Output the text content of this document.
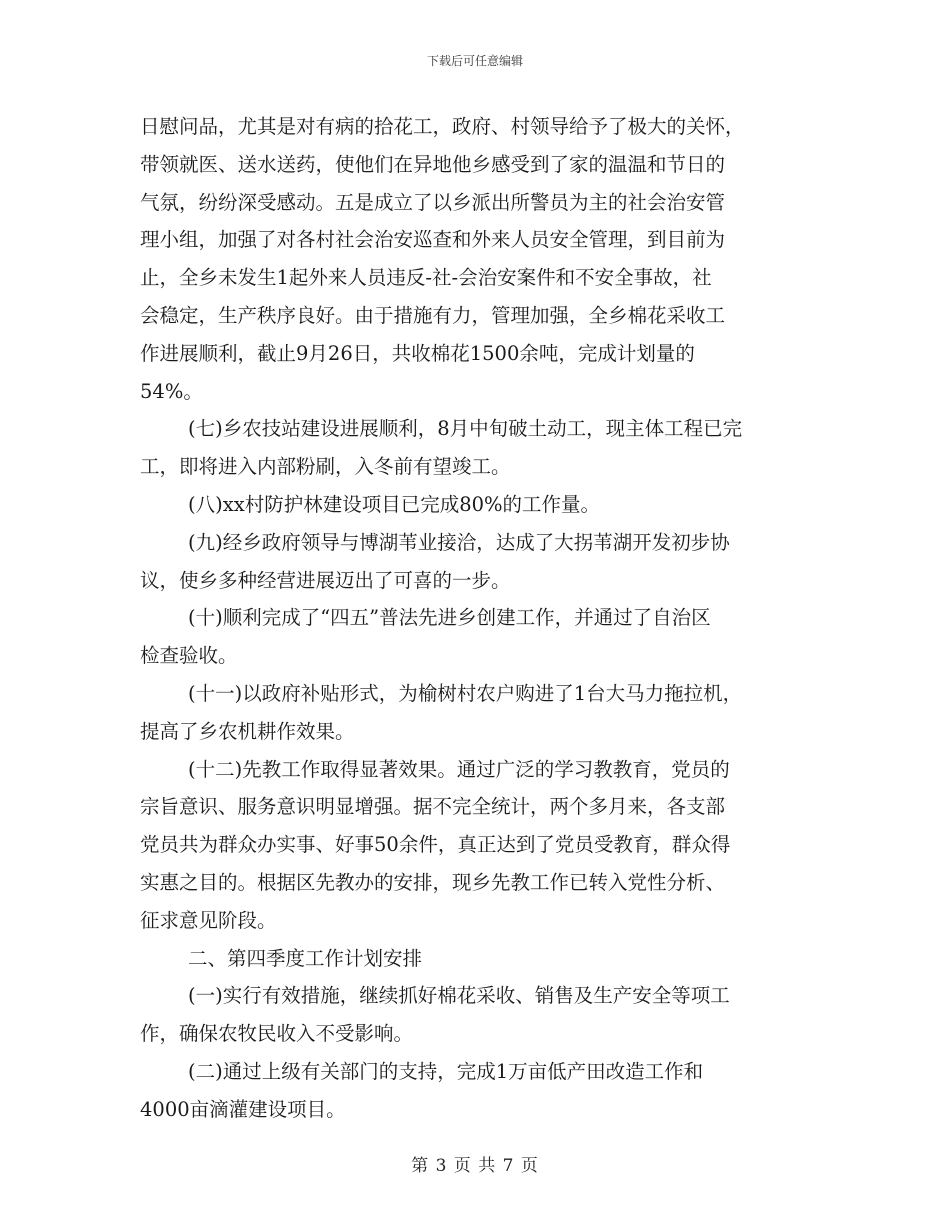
下载后可任意编辑
日慰问品，尤其是对有病的拾花工，政府、村领导给予了极大的关怀，
带领就医、送水送药，使他们在异地他乡感受到了家的温温和节日的
气氛，纷纷深受感动。五是成立了以乡派出所警员为主的社会治安管
理小组，加强了对各村社会治安巡查和外来人员安全管理，到目前为
止，全乡未发生1起外来人员违反-社-会治安案件和不安全事故，社
会稳定，生产秩序良好。由于措施有力，管理加强，全乡棉花采收工
作进展顺利，截止9月26日，共收棉花1500余吨，完成计划量的
54%。
(七)乡农技站建设进展顺利，8月中旬破土动工，现主体工程已完
工，即将进入内部粉刷，入冬前有望竣工。
(八)xx村防护林建设项目已完成80%的工作量。
(九)经乡政府领导与博湖苇业接洽，达成了大拐苇湖开发初步协
议，使乡多种经营进展迈出了可喜的一步。
(十)顺利完成了“四五”普法先进乡创建工作，并通过了自治区
检查验收。
(十一)以政府补贴形式，为榆树村农户购进了1台大马力拖拉机，
提高了乡农机耕作效果。
(十二)先教工作取得显著效果。通过广泛的学习教教育，党员的
宗旨意识、服务意识明显增强。据不完全统计，两个多月来，各支部
党员共为群众办实事、好事50余件，真正达到了党员受教育，群众得
实惠之目的。根据区先教办的安排，现乡先教工作已转入党性分析、
征求意见阶段。
二、第四季度工作计划安排
(一)实行有效措施，继续抓好棉花采收、销售及生产安全等项工
作，确保农牧民收入不受影响。
(二)通过上级有关部门的支持，完成1万亩低产田改造工作和
4000亩滴灌建设项目。
第 3 页 共 7 页
